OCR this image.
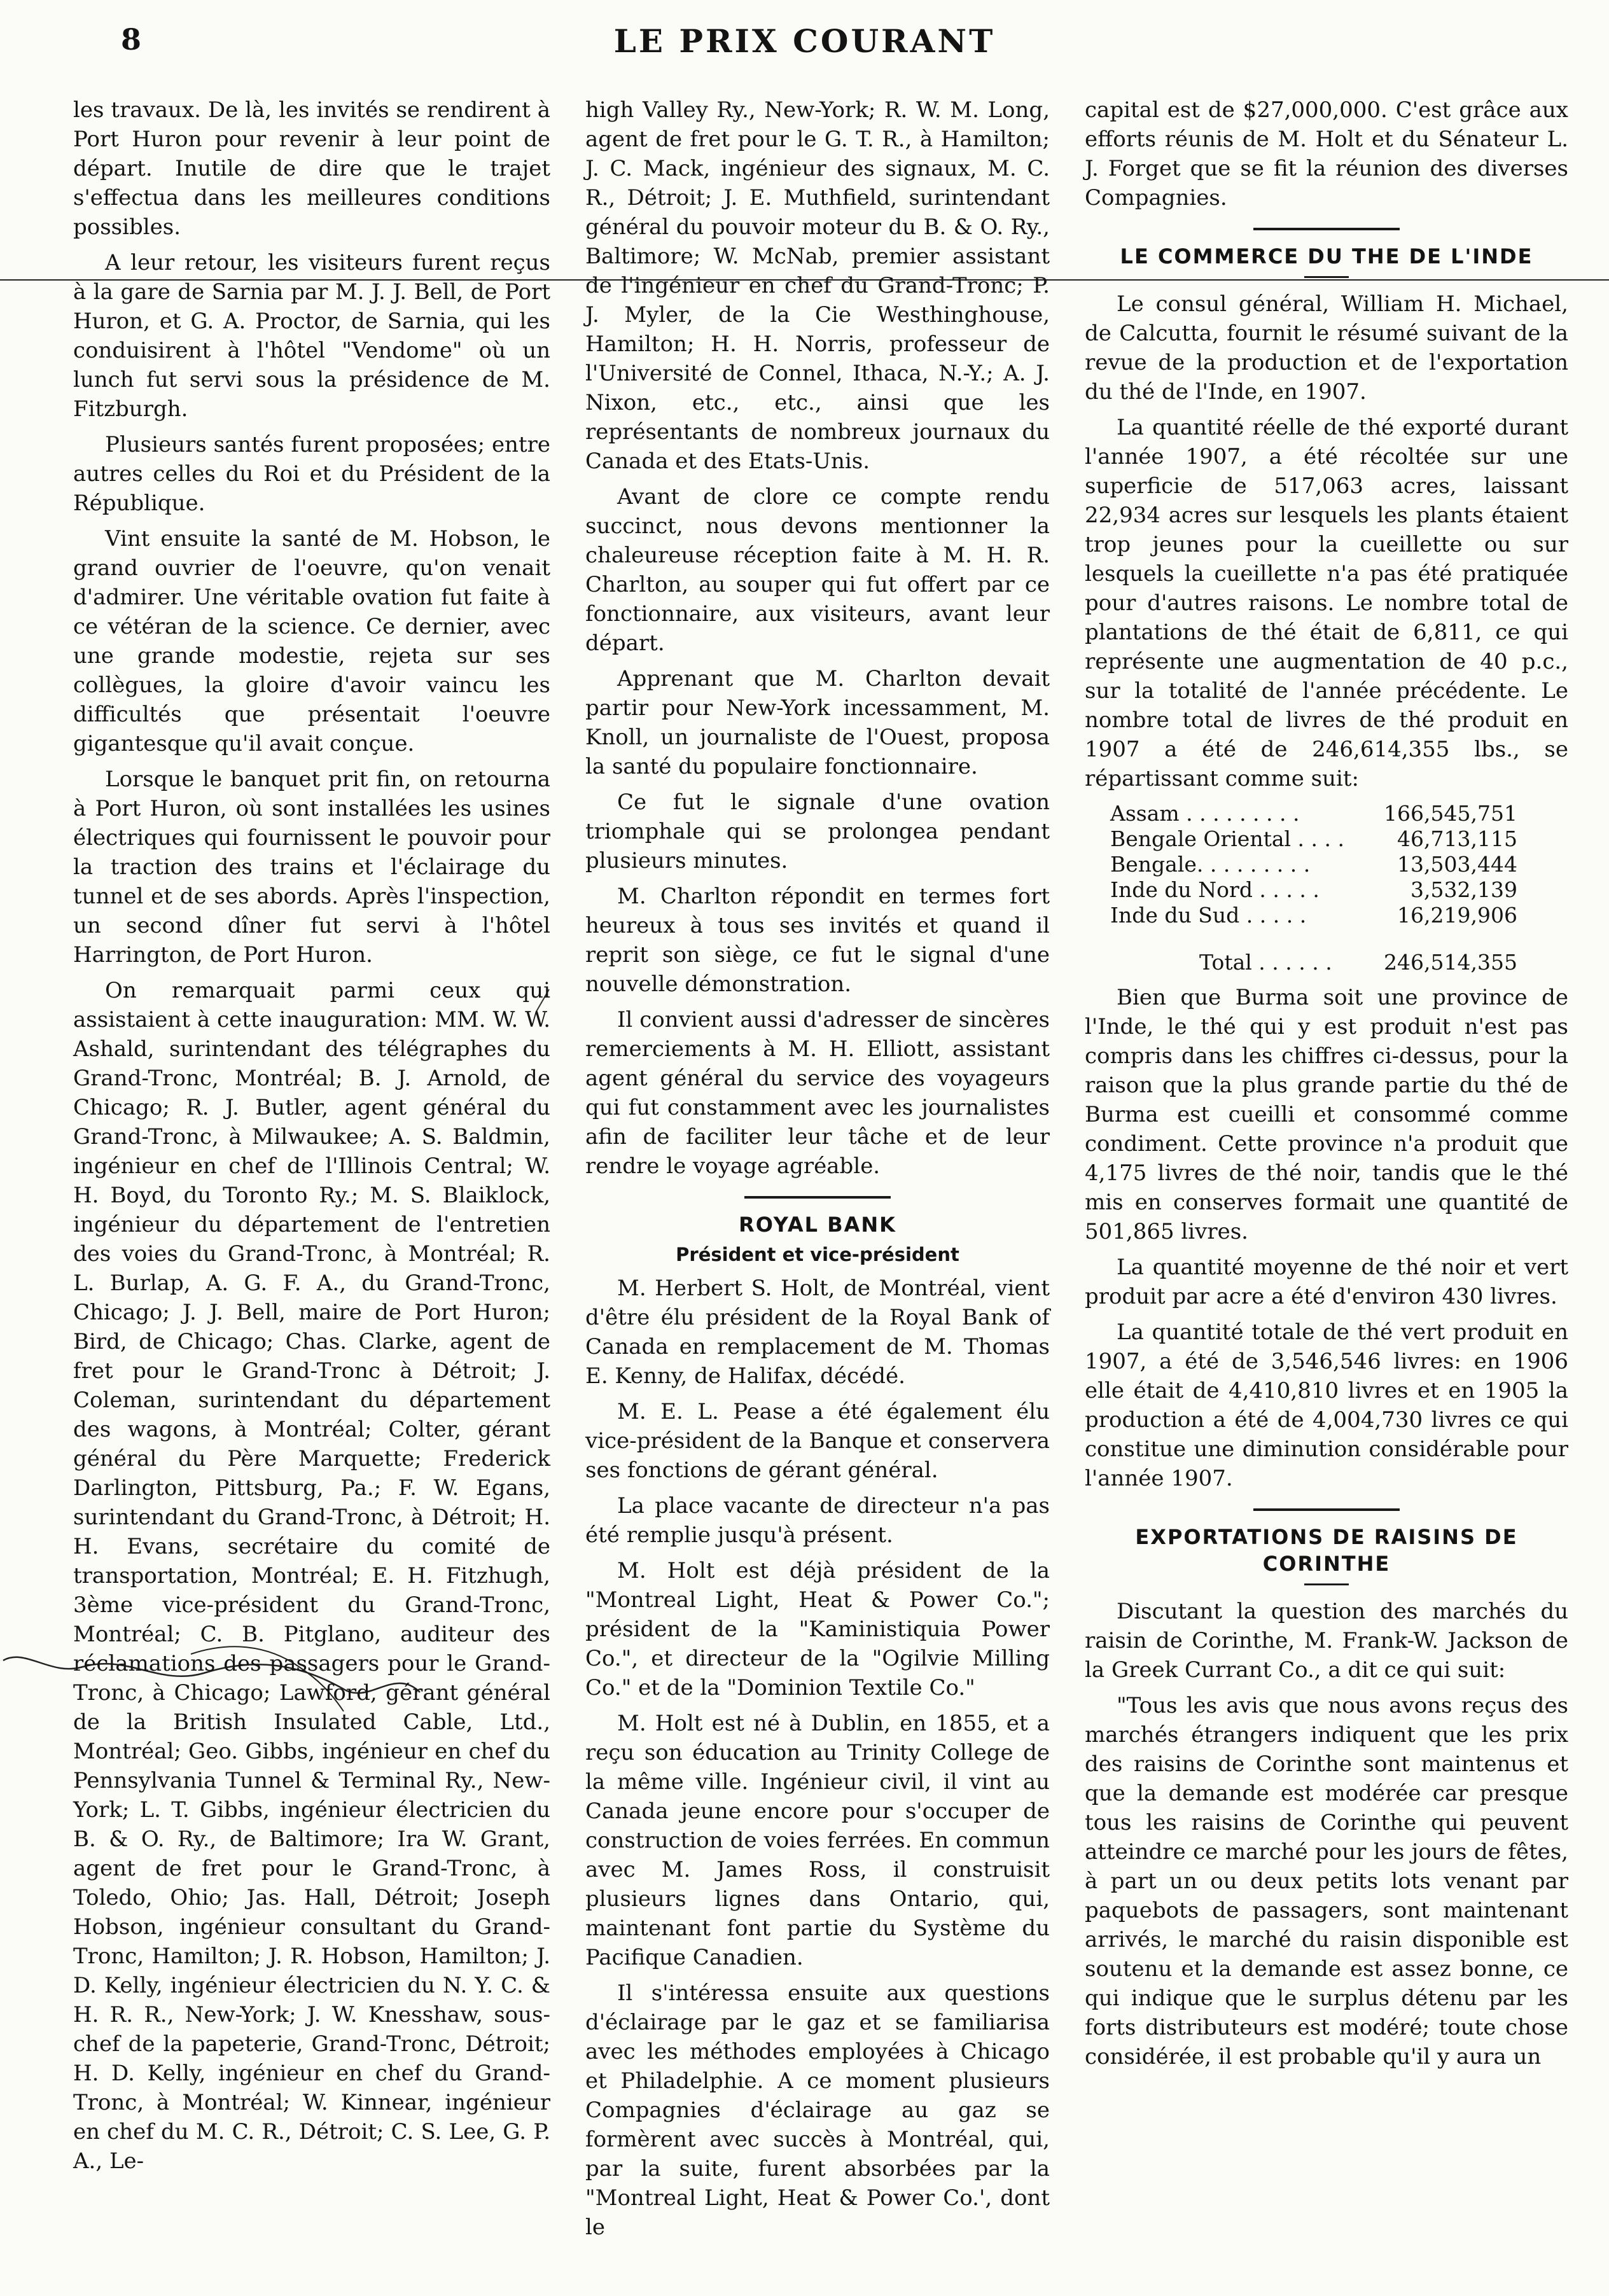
8	LE PRIX COURANT

les travaux. De là, les invités se rendirent à Port Huron pour revenir à leur point de départ. Inutile de dire que le trajet s'effectua dans les meilleures conditions possibles.

A leur retour, les visiteurs furent reçus à la gare de Sarnia par M. J. J. Bell, de Port Huron, et G. A. Proctor, de Sarnia, qui les conduisirent à l'hôtel "Vendome" où un lunch fut servi sous la présidence de M. Fitzburgh.

Plusieurs santés furent proposées; entre autres celles du Roi et du Président de la République.

Vint ensuite la santé de M. Hobson, le grand ouvrier de l'oeuvre, qu'on venait d'admirer. Une véritable ovation fut faite à ce vétéran de la science. Ce dernier, avec une grande modestie, rejeta sur ses collègues, la gloire d'avoir vaincu les difficultés que présentait l'oeuvre gigantesque qu'il avait conçue.

Lorsque le banquet prit fin, on retourna à Port Huron, où sont installées les usines électriques qui fournissent le pouvoir pour la traction des trains et l'éclairage du tunnel et de ses abords. Après l'inspection, un second dîner fut servi à l'hôtel Harrington, de Port Huron.

On remarquait parmi ceux qui assistaient à cette inauguration: MM. W. W. Ashald, surintendant des télégraphes du Grand-Tronc, Montréal; B. J. Arnold, de Chicago; R. J. Butler, agent général du Grand-Tronc, à Milwaukee; A. S. Baldmin, ingénieur en chef de l'Illinois Central; W. H. Boyd, du Toronto Ry.; M. S. Blaiklock, ingénieur du département de l'entretien des voies du Grand-Tronc, à Montréal; R. L. Burlap, A. G. F. A., du Grand-Tronc, Chicago; J. J. Bell, maire de Port Huron; Bird, de Chicago; Chas. Clarke, agent de fret pour le Grand-Tronc à Détroit; J. Coleman, surintendant du département des wagons, à Montréal; Colter, gérant général du Père Marquette; Frederick Darlington, Pittsburg, Pa.; F. W. Egans, surintendant du Grand-Tronc, à Détroit; H. H. Evans, secrétaire du comité de transportation, Montréal; E. H. Fitzhugh, 3ème vice-président du Grand-Tronc, Montréal; C. B. Pitglano, auditeur des réclamations des passagers pour le Grand-Tronc, à Chicago; Lawford, gérant général de la British Insulated Cable, Ltd., Montréal; Geo. Gibbs, ingénieur en chef du Pennsylvania Tunnel & Terminal Ry., New-York; L. T. Gibbs, ingénieur électricien du B. & O. Ry., de Baltimore; Ira W. Grant, agent de fret pour le Grand-Tronc, à Toledo, Ohio; Jas. Hall, Détroit; Joseph Hobson, ingénieur consultant du Grand-Tronc, Hamilton; J. R. Hobson, Hamilton; J. D. Kelly, ingénieur électricien du N. Y. C. & H. R. R., New-York; J. W. Knesshaw, sous-chef de la papeterie, Grand-Tronc, Détroit; H. D. Kelly, ingénieur en chef du Grand-Tronc, à Montréal; W. Kinnear, ingénieur en chef du M. C. R., Détroit; C. S. Lee, G. P. A., Le-

high Valley Ry., New-York; R. W. M. Long, agent de fret pour le G. T. R., à Hamilton; J. C. Mack, ingénieur des signaux, M. C. R., Détroit; J. E. Muthfield, surintendant général du pouvoir moteur du B. & O. Ry., Baltimore; W. McNab, premier assistant de l'ingénieur en chef du Grand-Tronc; P. J. Myler, de la Cie Westhinghouse, Hamilton; H. H. Norris, professeur de l'Université de Connel, Ithaca, N.-Y.; A. J. Nixon, etc., etc., ainsi que les représentants de nombreux journaux du Canada et des Etats-Unis.

Avant de clore ce compte rendu succinct, nous devons mentionner la chaleureuse réception faite à M. H. R. Charlton, au souper qui fut offert par ce fonctionnaire, aux visiteurs, avant leur départ.

Apprenant que M. Charlton devait partir pour New-York incessamment, M. Knoll, un journaliste de l'Ouest, proposa la santé du populaire fonctionnaire.

Ce fut le signale d'une ovation triomphale qui se prolongea pendant plusieurs minutes.

M. Charlton répondit en termes fort heureux à tous ses invités et quand il reprit son siège, ce fut le signal d'une nouvelle démonstration.

Il convient aussi d'adresser de sincères remerciements à M. H. Elliott, assistant agent général du service des voyageurs qui fut constamment avec les journalistes afin de faciliter leur tâche et de leur rendre le voyage agréable.

ROYAL BANK
Président et vice-président

M. Herbert S. Holt, de Montréal, vient d'être élu président de la Royal Bank of Canada en remplacement de M. Thomas E. Kenny, de Halifax, décédé.

M. E. L. Pease a été également élu vice-président de la Banque et conservera ses fonctions de gérant général.

La place vacante de directeur n'a pas été remplie jusqu'à présent.

M. Holt est déjà président de la "Montreal Light, Heat & Power Co."; président de la "Kaministiquia Power Co.", et directeur de la "Ogilvie Milling Co." et de la "Dominion Textile Co."

M. Holt est né à Dublin, en 1855, et a reçu son éducation au Trinity College de la même ville. Ingénieur civil, il vint au Canada jeune encore pour s'occuper de construction de voies ferrées. En commun avec M. James Ross, il construisit plusieurs lignes dans Ontario, qui, maintenant font partie du Système du Pacifique Canadien.

Il s'intéressa ensuite aux questions d'éclairage par le gaz et se familiarisa avec les méthodes employées à Chicago et Philadelphie. A ce moment plusieurs Compagnies d'éclairage au gaz se formèrent avec succès à Montréal, qui, par la suite, furent absorbées par la "Montreal Light, Heat & Power Co.', dont le

capital est de $27,000,000. C'est grâce aux efforts réunis de M. Holt et du Sénateur L. J. Forget que se fit la réunion des diverses Compagnies.

LE COMMERCE DU THE DE L'INDE

Le consul général, William H. Michael, de Calcutta, fournit le résumé suivant de la revue de la production et de l'exportation du thé de l'Inde, en 1907.

La quantité réelle de thé exporté durant l'année 1907, a été récoltée sur une superficie de 517,063 acres, laissant 22,934 acres sur lesquels les plants étaient trop jeunes pour la cueillette ou sur lesquels la cueillette n'a pas été pratiquée pour d'autres raisons. Le nombre total de plantations de thé était de 6,811, ce qui représente une augmentation de 40 p.c., sur la totalité de l'année précédente. Le nombre total de livres de thé produit en 1907 a été de 246,614,355 lbs., se répartissant comme suit:

Assam . . . . . . . . .	166,545,751
Bengale Oriental . . . .	46,713,115
Bengale. . . . . . . . .	13,503,444
Inde du Nord . . . . .	3,532,139
Inde du Sud . . . . .	16,219,906
Total . . . . . . 246,514,355

Bien que Burma soit une province de l'Inde, le thé qui y est produit n'est pas compris dans les chiffres ci-dessus, pour la raison que la plus grande partie du thé de Burma est cueilli et consommé comme condiment. Cette province n'a produit que 4,175 livres de thé noir, tandis que le thé mis en conserves formait une quantité de 501,865 livres.

La quantité moyenne de thé noir et vert produit par acre a été d'environ 430 livres.

La quantité totale de thé vert produit en 1907, a été de 3,546,546 livres: en 1906 elle était de 4,410,810 livres et en 1905 la production a été de 4,004,730 livres ce qui constitue une diminution considérable pour l'année 1907.

EXPORTATIONS DE RAISINS DE CORINTHE

Discutant la question des marchés du raisin de Corinthe, M. Frank-W. Jackson de la Greek Currant Co., a dit ce qui suit:

"Tous les avis que nous avons reçus des marchés étrangers indiquent que les prix des raisins de Corinthe sont maintenus et que la demande est modérée car presque tous les raisins de Corinthe qui peuvent atteindre ce marché pour les jours de fêtes, à part un ou deux petits lots venant par paquebots de passagers, sont maintenant arrivés, le marché du raisin disponible est soutenu et la demande est assez bonne, ce qui indique que le surplus détenu par les forts distributeurs est modéré; toute chose considérée, il est probable qu'il y aura un
